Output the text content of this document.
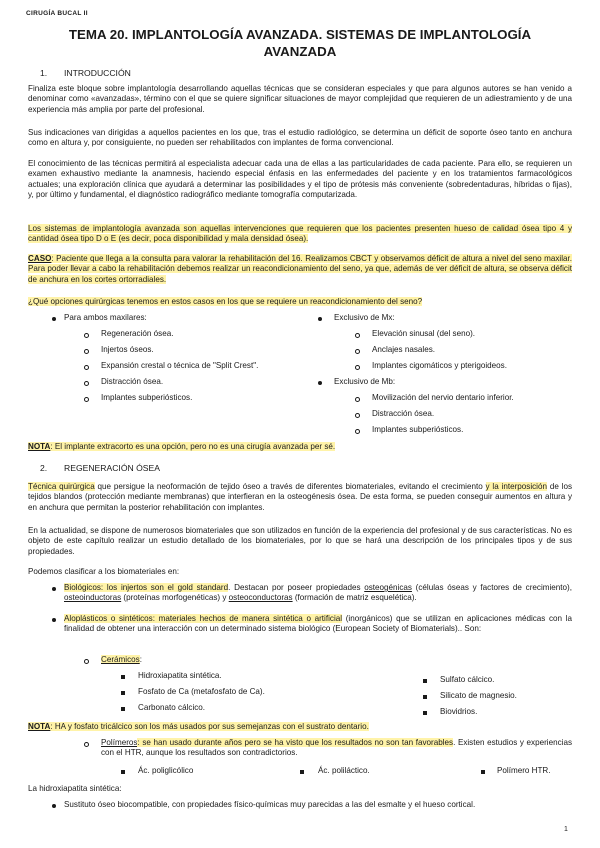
CIRUGÍA BUCAL II
TEMA 20. IMPLANTOLOGÍA AVANZADA. SISTEMAS DE IMPLANTOLOGÍA AVANZADA
1. INTRODUCCIÓN
Finaliza este bloque sobre implantología desarrollando aquellas técnicas que se consideran especiales y que para algunos autores se han venido a denominar como «avanzadas», término con el que se quiere significar situaciones de mayor complejidad que requieren de un adiestramiento y de una experiencia más amplia por parte del profesional.
Sus indicaciones van dirigidas a aquellos pacientes en los que, tras el estudio radiológico, se determina un déficit de soporte óseo tanto en anchura como en altura y, por consiguiente, no pueden ser rehabilitados con implantes de forma convencional.
El conocimiento de las técnicas permitirá al especialista adecuar cada una de ellas a las particularidades de cada paciente. Para ello, se requieren un examen exhaustivo mediante la anamnesis, haciendo especial énfasis en las enfermedades del paciente y en los tratamientos farmacológicos actuales; una exploración clínica que ayudará a determinar las posibilidades y el tipo de prótesis más conveniente (sobredentaduras, híbridas o fijas), y, por último y fundamental, el diagnóstico radiográfico mediante tomografía computarizada.
Los sistemas de implantología avanzada son aquellas intervenciones que requieren que los pacientes presenten hueso de calidad ósea tipo 4 y cantidad ósea tipo D o E (es decir, poca disponibilidad y mala densidad ósea).
CASO: Paciente que llega a la consulta para valorar la rehabilitación del 16. Realizamos CBCT y observamos déficit de altura a nivel del seno maxilar. Para poder llevar a cabo la rehabilitación debemos realizar un reacondicionamiento del seno, ya que, además de ver déficit de altura, se observa déficit de anchura en los cortes ortorradiales.
¿Qué opciones quirúrgicas tenemos en estos casos en los que se requiere un reacondicionamiento del seno?
Para ambos maxilares:
Regeneración ósea.
Injertos óseos.
Expansión crestal o técnica de "Split Crest".
Distracción ósea.
Implantes subperiósticos.
Exclusivo de Mx:
Elevación sinusal (del seno).
Anclajes nasales.
Implantes cigomáticos y pterigoideos.
Exclusivo de Mb:
Movilización del nervio dentario inferior.
Distracción ósea.
Implantes subperiósticos.
NOTA: El implante extracorto es una opción, pero no es una cirugía avanzada per sé.
2. REGENERACIÓN ÓSEA
Técnica quirúrgica que persigue la neoformación de tejido óseo a través de diferentes biomateriales, evitando el crecimiento y la interposición de los tejidos blandos (protección mediante membranas) que interfieran en la osteogénesis ósea. De esta forma, se pueden conseguir aumentos en altura y en anchura que permitan la posterior rehabilitación con implantes.
En la actualidad, se dispone de numerosos biomateriales que son utilizados en función de la experiencia del profesional y de sus características. No es objeto de este capítulo realizar un estudio detallado de los biomateriales, por lo que se hará una descripción de los principales tipos y de sus propiedades.
Podemos clasificar a los biomateriales en:
Biológicos: los injertos son el gold standard. Destacan por poseer propiedades osteogénicas (células óseas y factores de crecimiento), osteoinductoras (proteínas morfogenéticas) y osteoconductoras (formación de matriz esquelética).
Aloplásticos o sintéticos: materiales hechos de manera sintética o artificial (inorgánicos) que se utilizan en aplicaciones médicas con la finalidad de obtener una interacción con un determinado sistema biológico (European Society of Biomaterials).. Son:
Cerámicos:
Hidroxiapatita sintética.
Fosfato de Ca (metafosfato de Ca).
Carbonato cálcico.
Sulfato cálcico.
Silicato de magnesio.
Biovidrios.
NOTA: HA y fosfato tricálcico son los más usados por sus semejanzas con el sustrato dentario.
Polímeros: se han usado durante años pero se ha visto que los resultados no son tan favorables. Existen estudios y experiencias con el HTR, aunque los resultados son contradictorios.
Ác. poliglicólico	Ác. poliláctico.	Polímero HTR.
La hidroxiapatita sintética:
Sustituto óseo biocompatible, con propiedades físico-químicas muy parecidas a las del esmalte y el hueso cortical.
1
